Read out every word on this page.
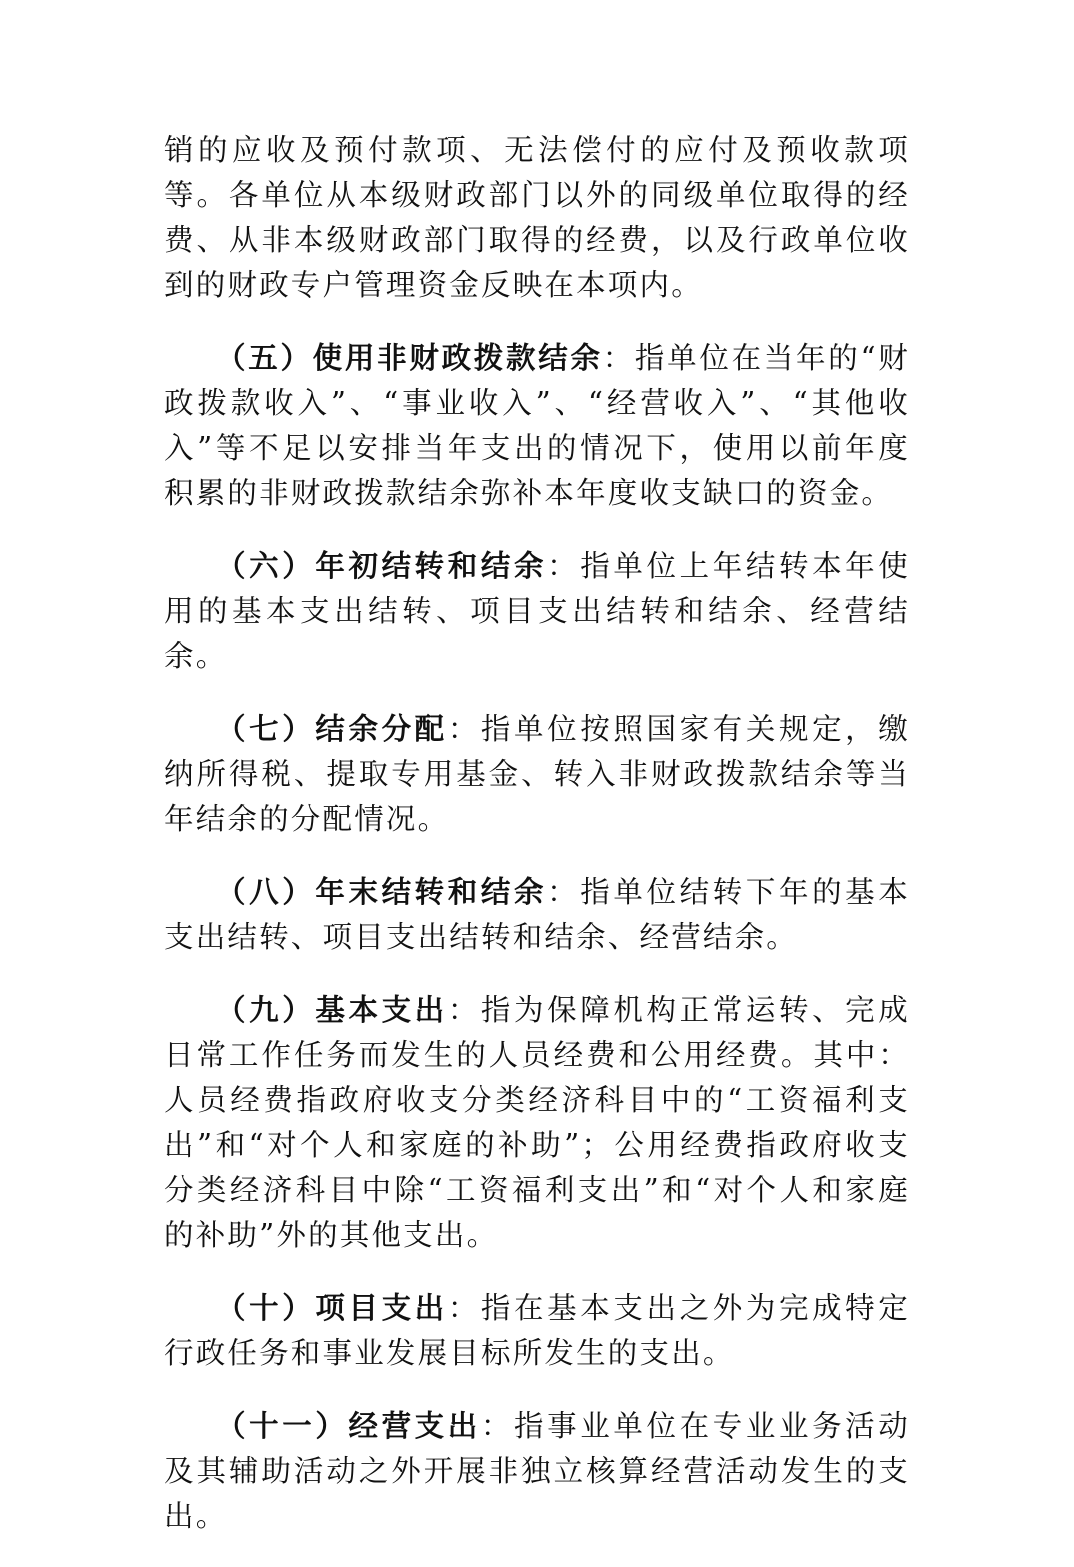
销的应收及预付款项、无法偿付的应付及预收款项等。各单位从本级财政部门以外的同级单位取得的经费、从非本级财政部门取得的经费，以及行政单位收到的财政专户管理资金反映在本项内。

（五）使用非财政拨款结余：指单位在当年的“财政拨款收入”、“事业收入”、“经营收入”、“其他收入”等不足以安排当年支出的情况下，使用以前年度积累的非财政拨款结余弥补本年度收支缺口的资金。

（六）年初结转和结余：指单位上年结转本年使用的基本支出结转、项目支出结转和结余、经营结余。

（七）结余分配：指单位按照国家有关规定，缴纳所得税、提取专用基金、转入非财政拨款结余等当年结余的分配情况。

（八）年末结转和结余：指单位结转下年的基本支出结转、项目支出结转和结余、经营结余。

（九）基本支出：指为保障机构正常运转、完成日常工作任务而发生的人员经费和公用经费。其中：人员经费指政府收支分类经济科目中的“工资福利支出”和“对个人和家庭的补助”；公用经费指政府收支分类经济科目中除“工资福利支出”和“对个人和家庭的补助”外的其他支出。

（十）项目支出：指在基本支出之外为完成特定行政任务和事业发展目标所发生的支出。

（十一）经营支出：指事业单位在专业业务活动及其辅助活动之外开展非独立核算经营活动发生的支出。
